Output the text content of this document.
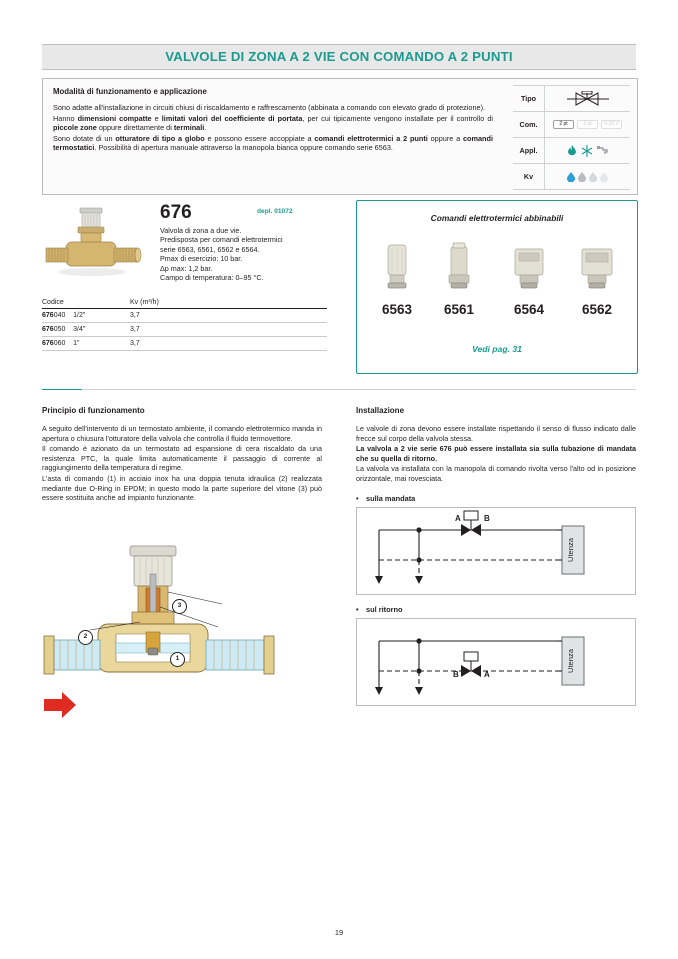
VALVOLE DI ZONA A 2 VIE CON COMANDO A 2 PUNTI
Modalità di funzionamento e applicazione

Sono adatte all'installazione in circuiti chiusi di riscaldamento e raffrescamento (abbinata a comando con elevato grado di protezione).

Hanno dimensioni compatte e limitati valori del coefficiente di portata, per cui tipicamente vengono installate per il controllo di piccole zone oppure direttamente di terminali.

Sono dotate di un otturatore di tipo a globo e possono essere accoppiate a comandi elettrotermici a 2 punti oppure a comandi termostatici. Possibilità di apertura manuale attraverso la manopola bianca oppure comando serie 6563.

Tipo
Com.	2 pt	3 pt	0-10 V
Appl.
Kv
676	depl. 01072
Valvola di zona a due vie.
Predisposta per comandi elettrotermici
serie 6563, 6561, 6562 e 6564.
Pmax di esercizio: 10 bar.
Δp max: 1,2 bar.
Campo di temperatura: 0–95 °C.
Codice	Kv (m³/h)
676040 1/2"	3,7
676050 3/4"	3,7
676060 1"	3,7
Comandi elettrotermici abbinabili
6563	6561	6564	6562
Vedi pag. 31
Principio di funzionamento

A seguito dell'intervento di un termostato ambiente, il comando elettrotermico manda in apertura o chiusura l'otturatore della valvola che controlla il fluido termovettore.

Il comando è azionato da un termostato ad espansione di cera riscaldato da una resistenza PTC, la quale limita automaticamente il passaggio di corrente al raggiungimento della temperatura di regime.

L'asta di comando (1) in acciaio inox ha una doppia tenuta idraulica (2) realizzata mediante due O-Ring in EPDM; in questo modo la parte superiore del vitone (3) può essere sostituita anche ad impianto funzionante.

1
2
3
Installazione

Le valvole di zona devono essere installate rispettando il senso di flusso indicato dalle frecce sul corpo della valvola stessa.

La valvola a 2 vie serie 676 può essere installata sia sulla tubazione di mandata che su quella di ritorno.

La valvola va installata con la manopola di comando rivolta verso l'alto od in posizione orizzontale, mai rovesciata.

• sulla mandata
A	B
Utenza
• sul ritorno
B	A
Utenza
19
